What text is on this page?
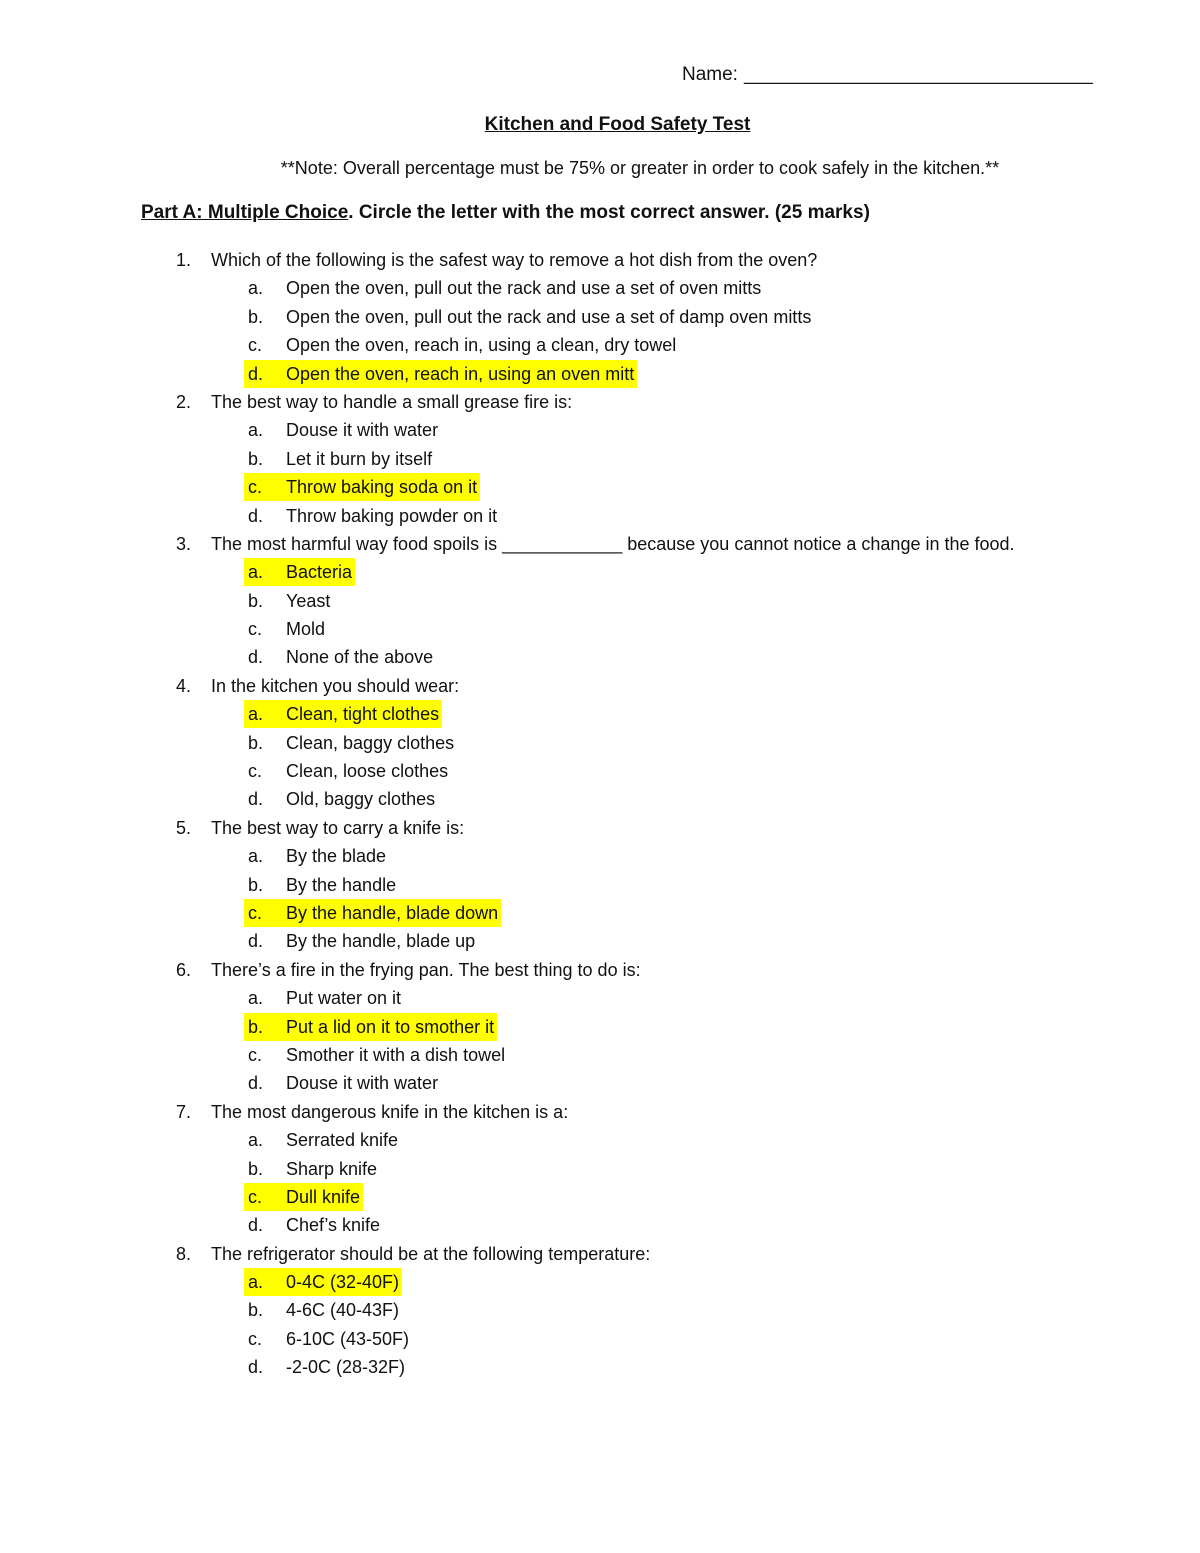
Name: _________________________________
Kitchen and Food Safety Test
**Note: Overall percentage must be 75% or greater in order to cook safely in the kitchen.**
Part A: Multiple Choice. Circle the letter with the most correct answer. (25 marks)
1. Which of the following is the safest way to remove a hot dish from the oven?
a. Open the oven, pull out the rack and use a set of oven mitts
b. Open the oven, pull out the rack and use a set of damp oven mitts
c. Open the oven, reach in, using a clean, dry towel
d. Open the oven, reach in, using an oven mitt
2. The best way to handle a small grease fire is:
a. Douse it with water
b. Let it burn by itself
c. Throw baking soda on it
d. Throw baking powder on it
3. The most harmful way food spoils is ____________ because you cannot notice a change in the food.
a. Bacteria
b. Yeast
c. Mold
d. None of the above
4. In the kitchen you should wear:
a. Clean, tight clothes
b. Clean, baggy clothes
c. Clean, loose clothes
d. Old, baggy clothes
5. The best way to carry a knife is:
a. By the blade
b. By the handle
c. By the handle, blade down
d. By the handle, blade up
6. There’s a fire in the frying pan. The best thing to do is:
a. Put water on it
b. Put a lid on it to smother it
c. Smother it with a dish towel
d. Douse it with water
7. The most dangerous knife in the kitchen is a:
a. Serrated knife
b. Sharp knife
c. Dull knife
d. Chef’s knife
8. The refrigerator should be at the following temperature:
a. 0-4C (32-40F)
b. 4-6C (40-43F)
c. 6-10C (43-50F)
d. -2-0C (28-32F)
